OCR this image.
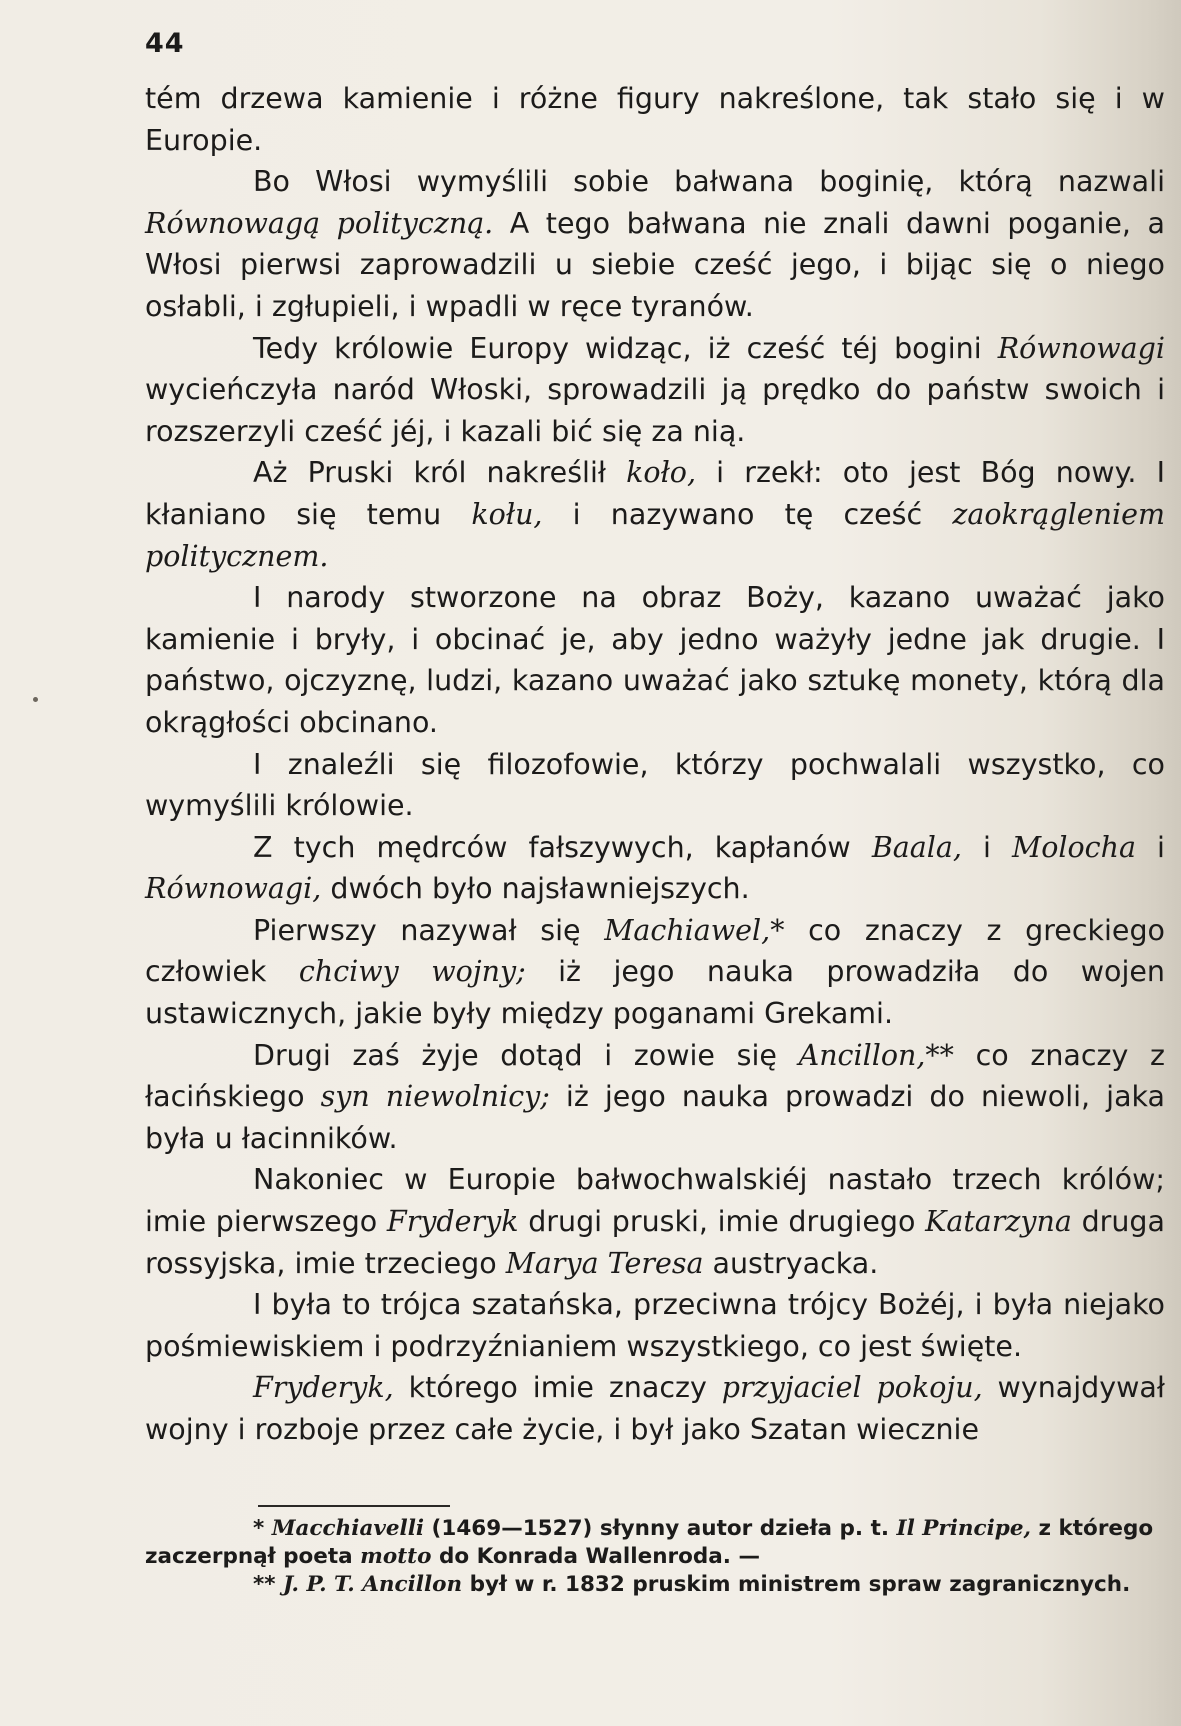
44

tém drzewa kamienie i różne figury nakreślone, tak stało się i w Europie.

Bo Włosi wymyślili sobie bałwana boginię, którą nazwali Równowagą polityczną. A tego bałwana nie znali dawni poganie, a Włosi pierwsi zaprowadzili u siebie cześć jego, i bijąc się o niego osłabli, i zgłupieli, i wpadli w ręce tyranów.

Tedy królowie Europy widząc, iż cześć téj bogini Równowagi wycieńczyła naród Włoski, sprowadzili ją prędko do państw swoich i rozszerzyli cześć jéj, i kazali bić się za nią.

Aż Pruski król nakreślił koło, i rzekł: oto jest Bóg nowy. I kłaniano się temu kołu, i nazywano tę cześć zaokrągleniem politycznem.

I narody stworzone na obraz Boży, kazano uważać jako kamienie i bryły, i obcinać je, aby jedno ważyły jedne jak drugie. I państwo, ojczyznę, ludzi, kazano uważać jako sztukę monety, którą dla okrągłości obcinano.

I znaleźli się filozofowie, którzy pochwalali wszystko, co wymyślili królowie.

Z tych mędrców fałszywych, kapłanów Baala, i Molocha i Równowagi, dwóch było najsławniejszych.

Pierwszy nazywał się Machiawel,* co znaczy z greckiego człowiek chciwy wojny; iż jego nauka prowadziła do wojen ustawicznych, jakie były między poganami Grekami.

Drugi zaś żyje dotąd i zowie się Ancillon,** co znaczy z łacińskiego syn niewolnicy; iż jego nauka prowadzi do niewoli, jaka była u łacinników.

Nakoniec w Europie bałwochwalskiéj nastało trzech królów; imie pierwszego Fryderyk drugi pruski, imie drugiego Katarzyna druga rossyjska, imie trzeciego Marya Teresa austryacka.

I była to trójca szatańska, przeciwna trójcy Bożéj, i była niejako pośmiewiskiem i podrzyźnianiem wszystkiego, co jest święte.

Fryderyk, którego imie znaczy przyjaciel pokoju, wynajdywał wojny i rozboje przez całe życie, i był jako Szatan wiecznie

* Macchiavelli (1469—1527) słynny autor dzieła p. t. Il Principe, z którego zaczerpnął poeta motto do Konrada Wallenroda. —

** J. P. T. Ancillon był w r. 1832 pruskim ministrem spraw zagranicznych.
